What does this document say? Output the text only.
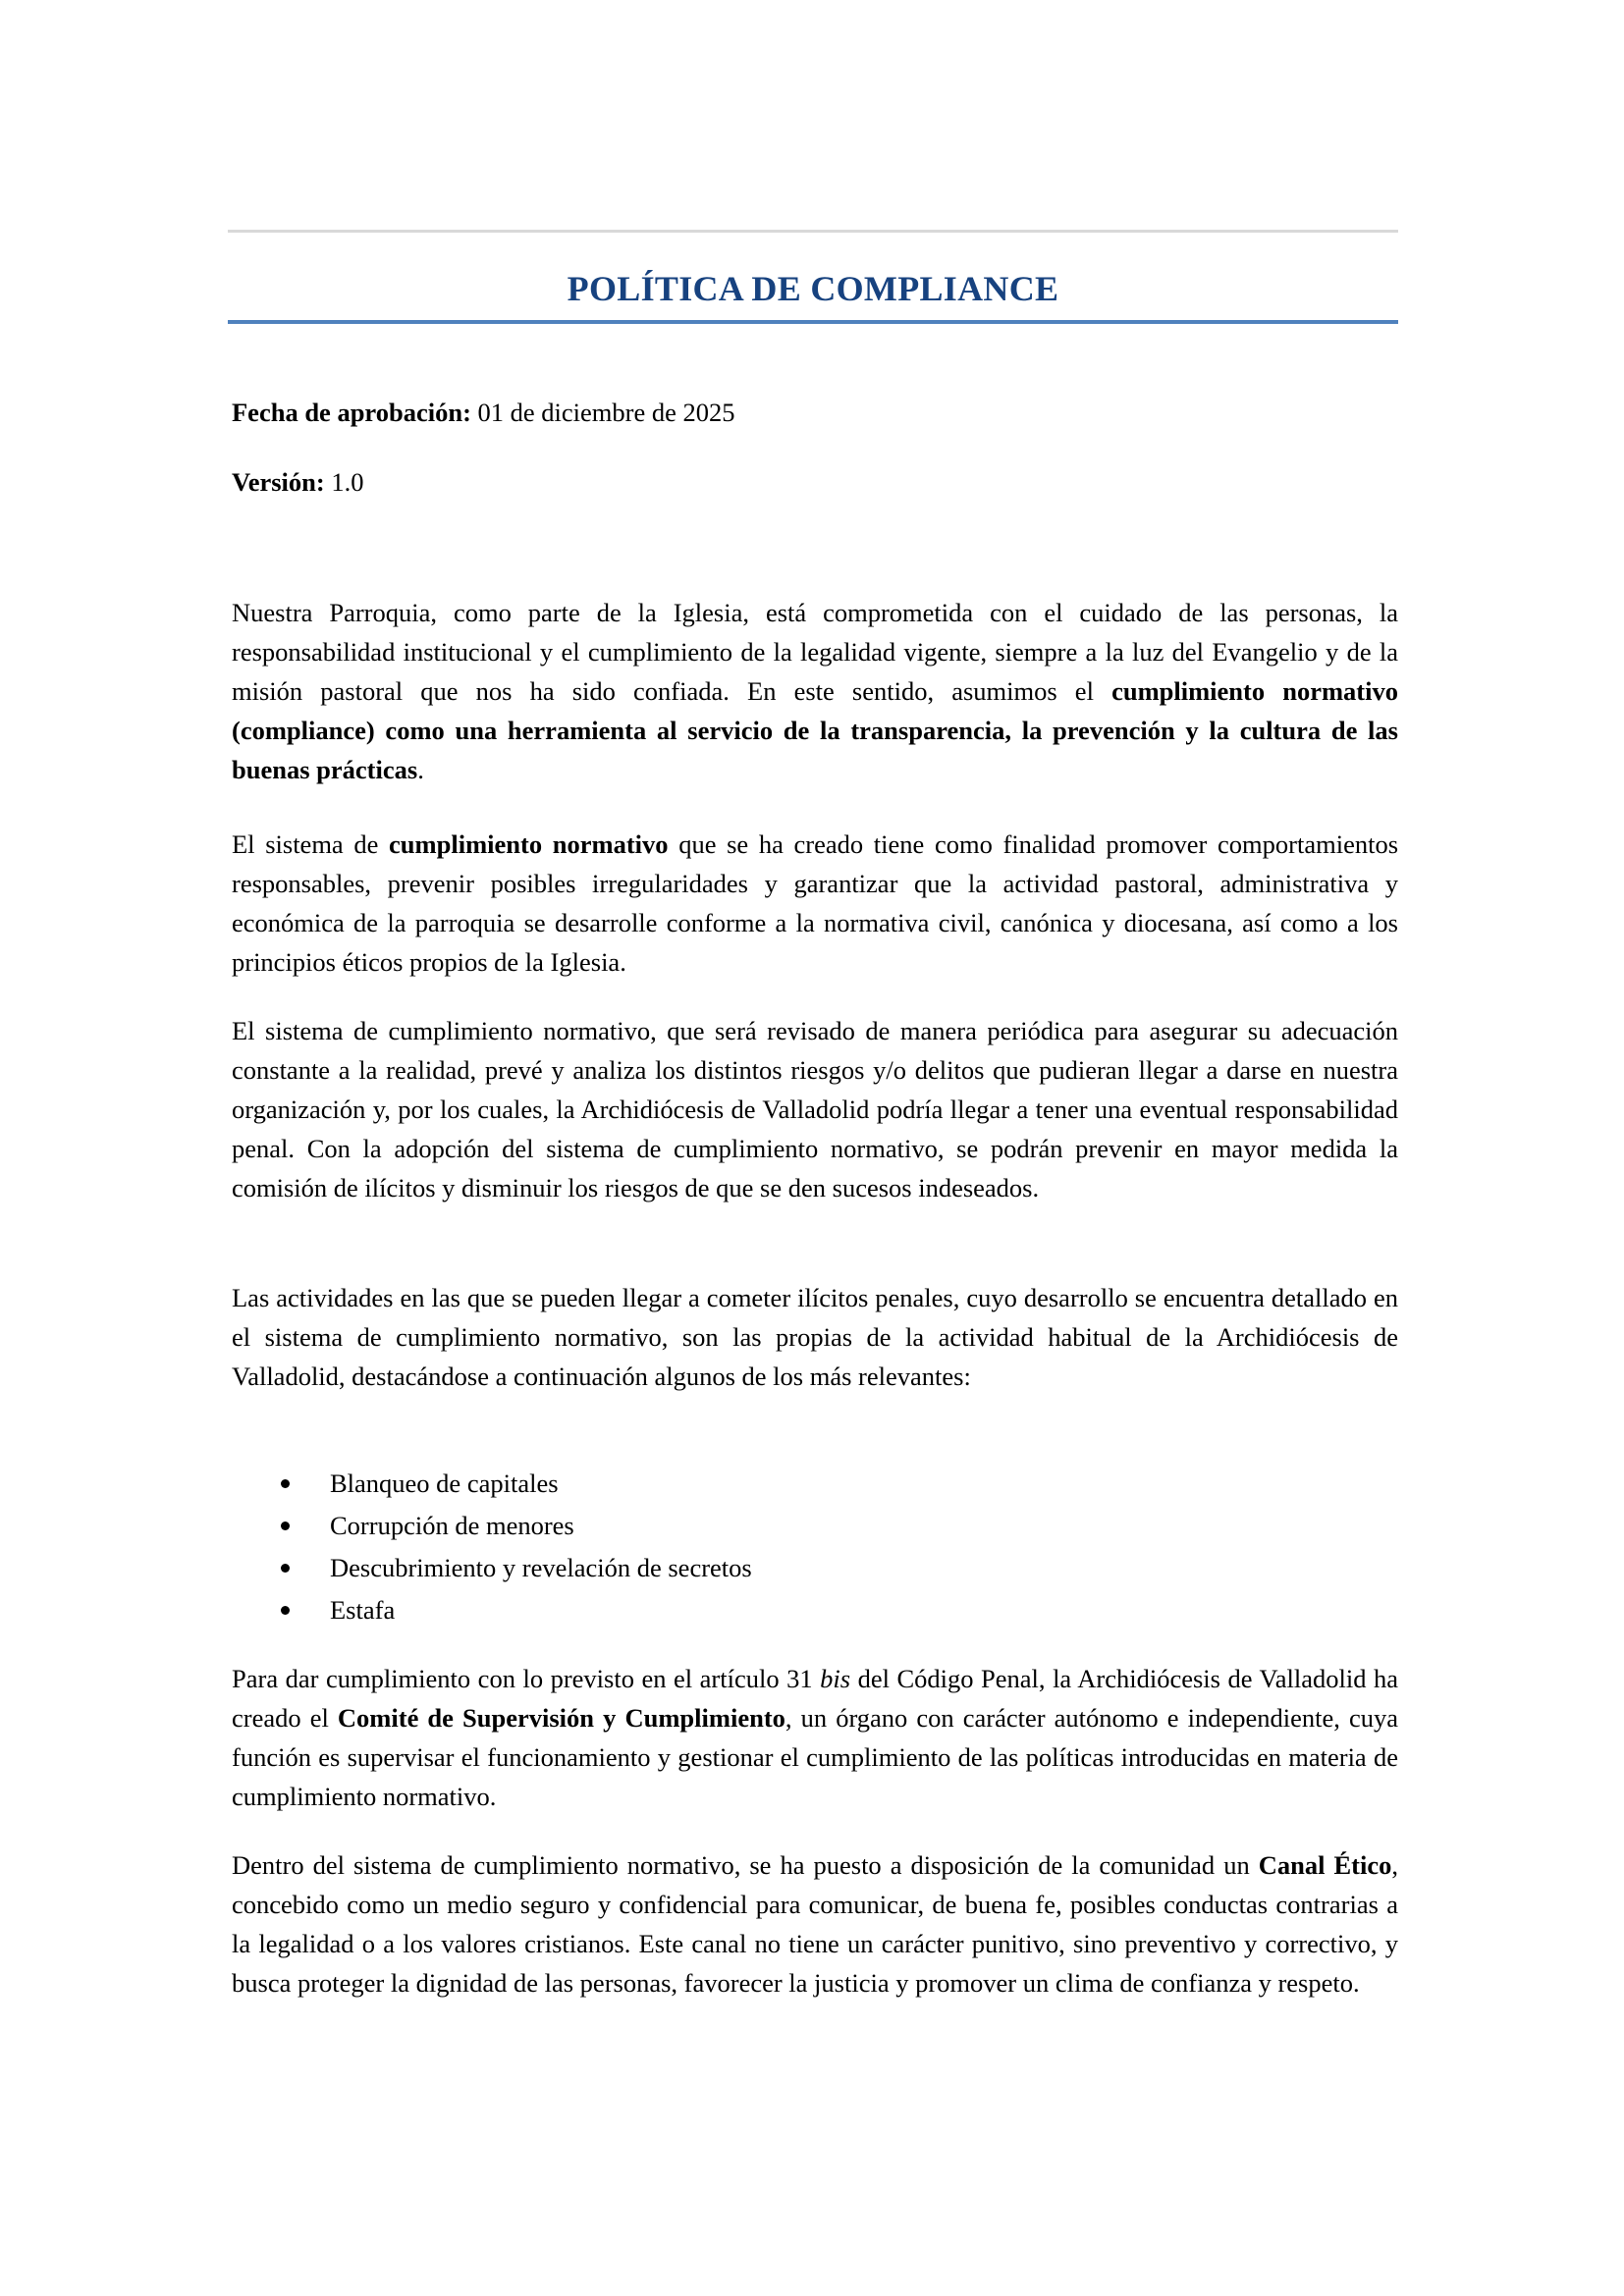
POLÍTICA DE COMPLIANCE

Fecha de aprobación: 01 de diciembre de 2025

Versión: 1.0

Nuestra Parroquia, como parte de la Iglesia, está comprometida con el cuidado de las personas, la responsabilidad institucional y el cumplimiento de la legalidad vigente, siempre a la luz del Evangelio y de la misión pastoral que nos ha sido confiada. En este sentido, asumimos el cumplimiento normativo (compliance) como una herramienta al servicio de la transparencia, la prevención y la cultura de las buenas prácticas.

El sistema de cumplimiento normativo que se ha creado tiene como finalidad promover comportamientos responsables, prevenir posibles irregularidades y garantizar que la actividad pastoral, administrativa y económica de la parroquia se desarrolle conforme a la normativa civil, canónica y diocesana, así como a los principios éticos propios de la Iglesia.

El sistema de cumplimiento normativo, que será revisado de manera periódica para asegurar su adecuación constante a la realidad, prevé y analiza los distintos riesgos y/o delitos que pudieran llegar a darse en nuestra organización y, por los cuales, la Archidiócesis de Valladolid podría llegar a tener una eventual responsabilidad penal. Con la adopción del sistema de cumplimiento normativo, se podrán prevenir en mayor medida la comisión de ilícitos y disminuir los riesgos de que se den sucesos indeseados.

Las actividades en las que se pueden llegar a cometer ilícitos penales, cuyo desarrollo se encuentra detallado en el sistema de cumplimiento normativo, son las propias de la actividad habitual de la Archidiócesis de Valladolid, destacándose a continuación algunos de los más relevantes:

Blanqueo de capitales
Corrupción de menores
Descubrimiento y revelación de secretos
Estafa

Para dar cumplimiento con lo previsto en el artículo 31 bis del Código Penal, la Archidiócesis de Valladolid ha creado el Comité de Supervisión y Cumplimiento, un órgano con carácter autónomo e independiente, cuya función es supervisar el funcionamiento y gestionar el cumplimiento de las políticas introducidas en materia de cumplimiento normativo.

Dentro del sistema de cumplimiento normativo, se ha puesto a disposición de la comunidad un Canal Ético, concebido como un medio seguro y confidencial para comunicar, de buena fe, posibles conductas contrarias a la legalidad o a los valores cristianos. Este canal no tiene un carácter punitivo, sino preventivo y correctivo, y busca proteger la dignidad de las personas, favorecer la justicia y promover un clima de confianza y respeto.
